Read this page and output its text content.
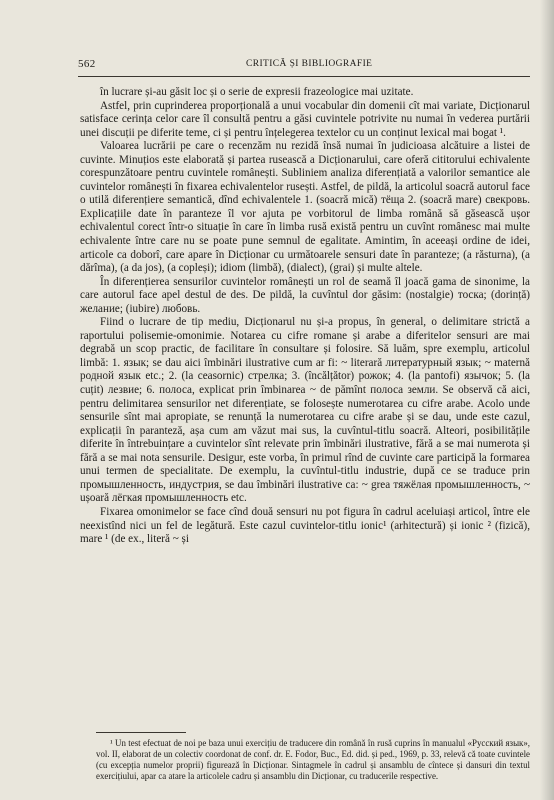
562	CRITICĂ ȘI BIBLIOGRAFIE

în lucrare și-au găsit loc și o serie de expresii frazeologice mai uzitate.

Astfel, prin cuprinderea proporțională a unui vocabular din domenii cît mai variate, Dicționarul satisface cerința celor care îl consultă pentru a găsi cuvintele potrivite nu numai în vederea purtării unei discuții pe diferite teme, ci și pentru înțelegerea textelor cu un conținut lexical mai bogat ¹.

Valoarea lucrării pe care o recenzăm nu rezidă însă numai în judicioasa alcătuire a listei de cuvinte. Minuțios este elaborată și partea rusească a Dicționarului, care oferă cititorului echivalente corespunzătoare pentru cuvintele românești. Subliniem analiza diferențiată a valorilor semantice ale cuvintelor românești în fixarea echivalentelor rusești. Astfel, de pildă, la articolul soacră autorul face o utilă diferențiere semantică, dînd echivalentele 1. (soacră mică) тёща 2. (soacră mare) свекровь. Explicațiile date în paranteze îl vor ajuta pe vorbitorul de limba română să găsească ușor echivalentul corect într-o situație în care în limba rusă există pentru un cuvînt românesc mai multe echivalente între care nu se poate pune semnul de egalitate. Amintim, în aceeași ordine de idei, articole ca doborî, care apare în Dicționar cu următoarele sensuri date în paranteze; (a răsturna), (a dărîma), (a da jos), (a copleși); idiom (limbă), (dialect), (grai) și multe altele.

În diferențierea sensurilor cuvintelor românești un rol de seamă îl joacă gama de sinonime, la care autorul face apel destul de des. De pildă, la cuvîntul dor găsim: (nostalgie) тоска; (dorință) желание; (iubire) любовь.

Fiind o lucrare de tip mediu, Dicționarul nu și-a propus, în general, o delimitare strictă a raportului polisemie-omonimie. Notarea cu cifre romane și arabe a diferitelor sensuri are mai degrabă un scop practic, de facilitare în consultare și folosire. Să luăm, spre exemplu, articolul limbă: 1. язык; se dau aici îmbinări ilustrative cum ar fi: ~ literară литературный язык; ~ maternă родной язык etc.; 2. (la ceasornic) стрелка; 3. (încălțător) рожок; 4. (la pantofi) язычок; 5. (la cuțit) лезвие; 6. полоса, explicat prin îmbinarea ~ de pămînt полоса земли. Se observă că aici, pentru delimitarea sensurilor net diferențiate, se folosește numerotarea cu cifre arabe. Acolo unde sensurile sînt mai apropiate, se renunță la numerotarea cu cifre arabe și se dau, unde este cazul, explicații în paranteză, așa cum am văzut mai sus, la cuvîntul-titlu soacră. Alteori, posibilitățile diferite în întrebuințare a cuvintelor sînt relevate prin îmbinări ilustrative, fără a se mai numerota și fără a se mai nota sensurile. Desigur, este vorba, în primul rînd de cuvinte care participă la formarea unui termen de specialitate. De exemplu, la cuvîntul-titlu industrie, după ce se traduce prin промышленность, индустрия, se dau îmbinări ilustrative ca: ~ grea тяжёлая промышленность, ~ ușoară лёгкая промышленность etc.

Fixarea omonimelor se face cînd două sensuri nu pot figura în cadrul aceluiași articol, între ele neexistînd nici un fel de legătură. Este cazul cuvintelor-titlu ionic¹ (arhitectură) și ionic ² (fizică), mare ¹ (de ex., literă ~ și

¹ Un test efectuat de noi pe baza unui exercițiu de traducere din română în rusă cuprins în manualul «Русский язык», vol. II, elaborat de un colectiv coordonat de conf. dr. E. Fodor, Buc., Ed. did. și ped., 1969, p. 33, relevă că toate cuvintele (cu excepția numelor proprii) figurează în Dicționar. Sintagmele în cadrul și ansamblu de cîntece și dansuri din textul exercițiului, apar ca atare la articolele cadru și ansamblu din Dicționar, cu traducerile respective.
